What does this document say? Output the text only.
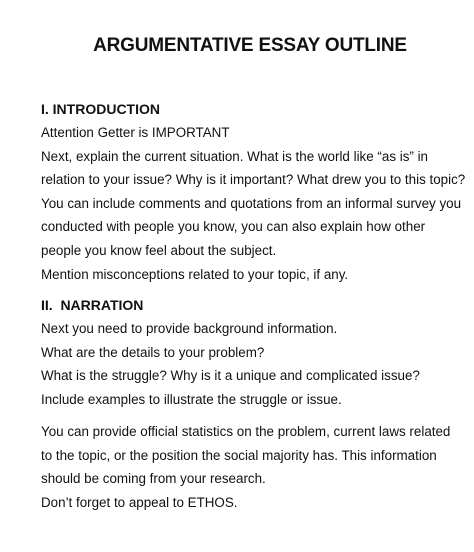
ARGUMENTATIVE ESSAY OUTLINE
I. INTRODUCTION
Attention Getter is IMPORTANT
Next, explain the current situation. What is the world like “as is” in
relation to your issue? Why is it important? What drew you to this topic?
You can include comments and quotations from an informal survey you
conducted with people you know, you can also explain how other
people you know feel about the subject.
Mention misconceptions related to your topic, if any.
II.  NARRATION
Next you need to provide background information.
What are the details to your problem?
What is the struggle? Why is it a unique and complicated issue?
Include examples to illustrate the struggle or issue.
You can provide official statistics on the problem, current laws related
to the topic, or the position the social majority has. This information
should be coming from your research.
Don’t forget to appeal to ETHOS.
